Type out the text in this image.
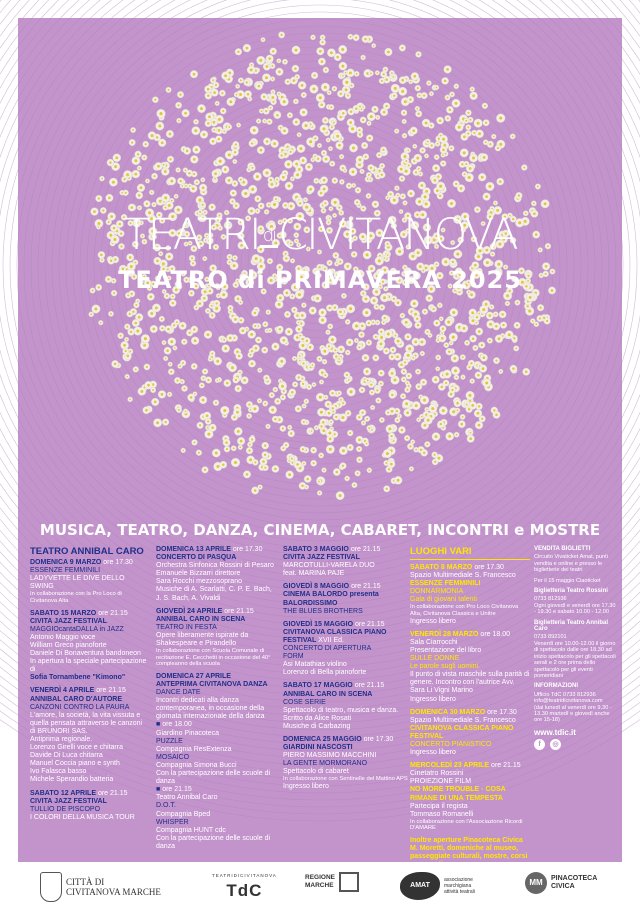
TEATRI diCIVITANOVA
TEATRO di PRIMAVERA 2025
MUSICA, TEATRO, DANZA, CINEMA, CABARET, INCONTRI e MOSTRE
TEATRO ANNIBAL CARO
DOMENICA 9 MARZO ore 17.30
ESSENZE FEMMINILI
LADYVETTE LE DIVE DELLO SWING
In collaborazione con la Pro Loco di Civitanova Alta
SABATO 15 MARZO ore 21.15
CIVITA JAZZ FESTIVAL
MAGGIOcantaDALLA in JAZZ
Antonio Maggio voce
William Greco pianoforte
Daniele Di Bonaventura bandoneon
In apertura la speciale partecipazione di
Sofia Tornambene "Kimono"
VENERDÌ 4 APRILE ore 21.15
ANNIBAL CARO D'AUTORE
CANZONI CONTRO LA PAURA
L'amore, la società, la vita vissuta e quella pensata attraverso le canzoni di BRUNORI SAS.
Antiprima regionale.
Lorenzo Girelli voce e chitarra
Davide Di Luca chitarra
Manuel Coccia piano e synth
Ivo Falasca basso
Michele Sperandio batteria
SABATO 12 APRILE ore 21.15
CIVITA JAZZ FESTIVAL
TULLIO DE PISCOPO
I COLORI DELLA MUSICA TOUR
DOMENICA 13 APRILE ore 17.30
CONCERTO DI PASQUA
Orchestra Sinfonica Rossini di Pesaro
Emanuele Bizzarri direttore
Sara Rocchi mezzosoprano
Musiche di A. Scarlatti, C. P. E. Bach, J. S. Bach, A. Vivaldi
GIOVEDÌ 24 APRILE ore 21.15
ANNIBAL CARO IN SCENA
TEATRO IN FESTA
Opere liberamente ispirate da Shakespeare e Pirandello
In collaborazione con Scuola Comunale di recitazione E. Cecchetti in occasione del 40° compleanno della scuola
DOMENICA 27 APRILE
ANTEPRIMA CIVITANOVA DANZA
DANCE DATE
Incontri dedicati alla danza contemporanea, in occasione della giornata internazionale della danza
■ ore 18.00
Giardino Pinacoteca
PUZZLE
Compagnia ResExtenza
MOSAICO
Compagnia Simona Bucci
Con la partecipazione delle scuole di danza
■ ore 21.15
Teatro Annibal Caro
D.O.T.
Compagnia Bped
WHISPER
Compagnia HUNT cdc
Con la partecipazione delle scuole di danza
SABATO 3 MAGGIO ore 21.15
CIVITA JAZZ FESTIVAL
MARCOTULLI-VARELA DUO
feat. MARINA PAJE
GIOVEDÌ 8 MAGGIO ore 21.15
CINEMA BALORDO presenta
BALORDISSIMO
THE BLUES BROTHERS
GIOVEDÌ 15 MAGGIO ore 21.15
CIVITANOVA CLASSICA PIANO FESTIVAL XVII Ed.
CONCERTO DI APERTURA
FORM
Asi Matathias violino
Lorenzo di Bella pianoforte
SABATO 17 MAGGIO ore 21.15
ANNIBAL CARO IN SCENA
COSE SERIE
Spettacolo di teatro, musica e danza.
Scritto da Alice Rosati
Musiche di Carbazing
DOMENICA 25 MAGGIO ore 17.30
GIARDINI NASCOSTI
PIERO MASSIMO MACCHINI
LA GENTE MORMORANO
Spettacolo di cabaret
In collaborazione con Sentinelle del Mattino APS
Ingresso libero
LUOGHI VARI
SABATO 8 MARZO ore 17.30
Spazio Multimediale S. Francesco
ESSENZE FEMMINILI
DONNARMONIA
Gala di giovani talenti
In collaborazione con Pro Loco Civitanova Alta, Civitanova Classica e Unitre
Ingresso libero
VENERDÌ 28 MARZO ore 18.00
Sala Ciarrocchi
Presentazione del libro
SULLE DONNE
Le parole sugli uomini.
Il punto di vista maschile sulla parità di genere. Incontro con l'autrice Avv. Sara Li Vigni Marino
Ingresso libero
DOMENICA 30 MARZO ore 17.30
Spazio Multimediale S. Francesco
CIVITANOVA CLASSICA PIANO FESTIVAL
CONCERTO PIANISTICO
Ingresso libero
MERCOLEDÌ 23 APRILE ore 21.15
Cinetatro Rossini
PROIEZIONE FILM
NO MORE TROUBLE - COSA RIMANE DI UNA TEMPESTA
Partecipa il regista
Tommaso Romanelli
In collaborazione con l'Associazione Ricordi D'AMARE
Inoltre aperture Pinacoteca Civica M. Moretti, domeniche al museo, passeggiate culturali, mostre, corsi
VENDITA BIGLIETTI
Circuito Vivaticket Amat, punti vendita e online e presso le biglietterie dei teatri
Per il 15 maggio Ciaoticket
Biglietteria Teatro Rossini
0733 812936
Ogni giovedì e venerdì ore 17.30 - 19.30 e sabato 10.00 - 12.00
Biglietteria Teatro Annibal Caro
0733 892101
Venerdì ore 10.00-12.00 il giorno di spettacolo dalle ore 18.30 ad inizio spettacolo per gli spettacoli serali e 2 ore prima dello spettacolo per gli eventi pomeridiani
INFORMAZIONI
Ufficio TdC 0733 812936
info@teatridicivitanova.com
(dal lunedì al venerdì ore 9.30 - 13.30 martedì e giovedì anche ore 15-18)
www.tdic.it
f	◎
CITTÀ DI
CIVITANOVA MARCHE
TEATRIDICIVITANOVA
TdC
REGIONE
MARCHE	AMAT
associazione
marchigiana
attività teatrali
MM	PINACOTECA
CIVICA
